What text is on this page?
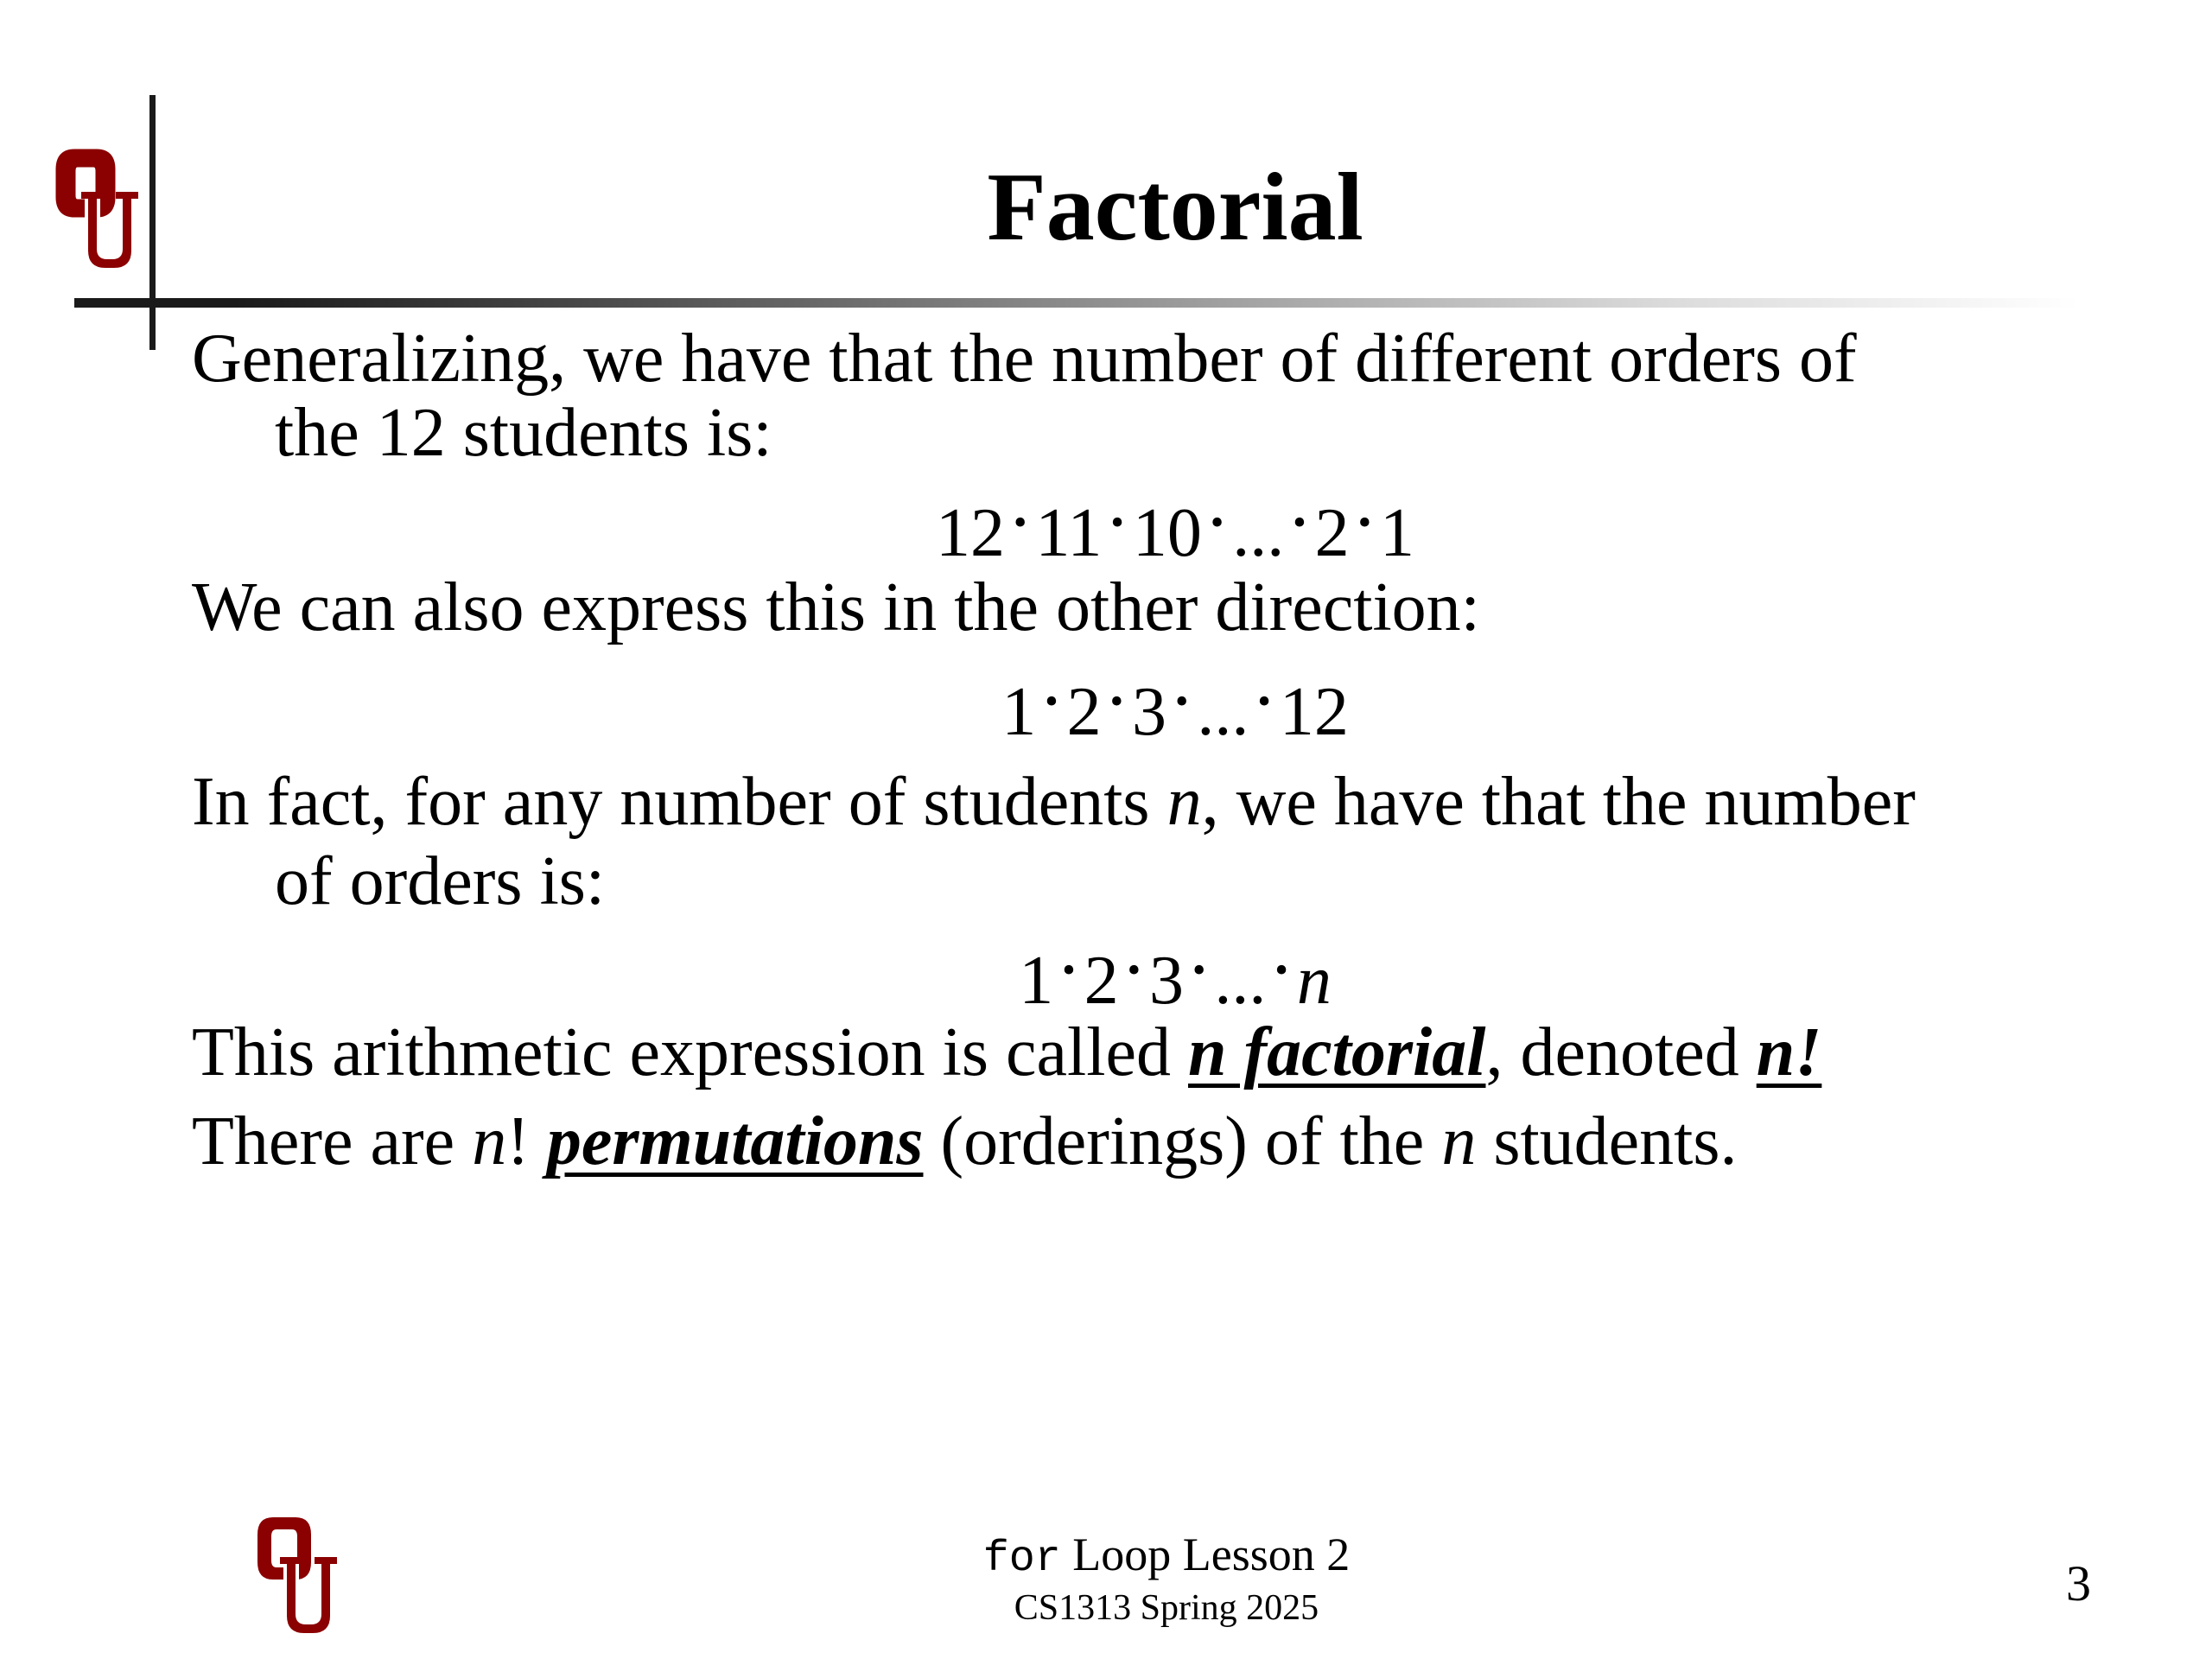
Factorial
Generalizing, we have that the number of different orders of
the 12 students is:
12 • 11 • 10 • ... • 2 • 1
We can also express this in the other direction:
1 • 2 • 3 • ... • 12
In fact, for any number of students n, we have that the number
of orders is:
1 • 2 • 3 • ... • n
This arithmetic expression is called n factorial, denoted n!
There are n! permutations (orderings) of the n students.
for Loop Lesson 2
CS1313 Spring 2025	3
